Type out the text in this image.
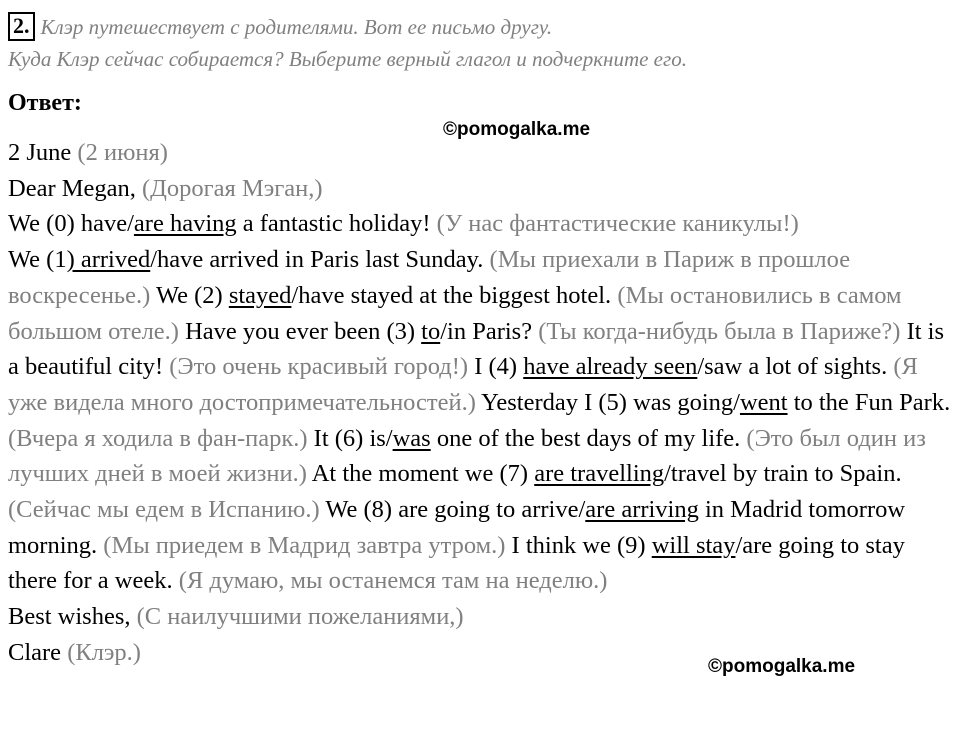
2. Клэр путешествует с родителями. Вот ее письмо другу.
Куда Клэр сейчас собирается? Выберите верный глагол и подчеркните его.
Ответ:
©pomogalka.me
2 June (2 июня)
Dear Megan, (Дорогая Мэган,)
We (0) have/are having a fantastic holiday! (У нас фантастические каникулы!)
We (1) arrived/have arrived in Paris last Sunday. (Мы приехали в Париж в прошлое воскресенье.) We (2) stayed/have stayed at the biggest hotel. (Мы остановились в самом большом отеле.) Have you ever been (3) to/in Paris? (Ты когда-нибудь была в Париже?) It is a beautiful city! (Это очень красивый город!) I (4) have already seen/saw a lot of sights. (Я уже видела много достопримечательностей.) Yesterday I (5) was going/went to the Fun Park. (Вчера я ходила в фан-парк.) It (6) is/was one of the best days of my life. (Это был один из лучших дней в моей жизни.) At the moment we (7) are travelling/travel by train to Spain. (Сейчас мы едем в Испанию.) We (8) are going to arrive/are arriving in Madrid tomorrow morning. (Мы приедем в Мадрид завтра утром.) I think we (9) will stay/are going to stay there for a week. (Я думаю, мы останемся там на неделю.)
Best wishes, (С наилучшими пожеланиями,)
Clare (Клэр.)
©pomogalka.me
